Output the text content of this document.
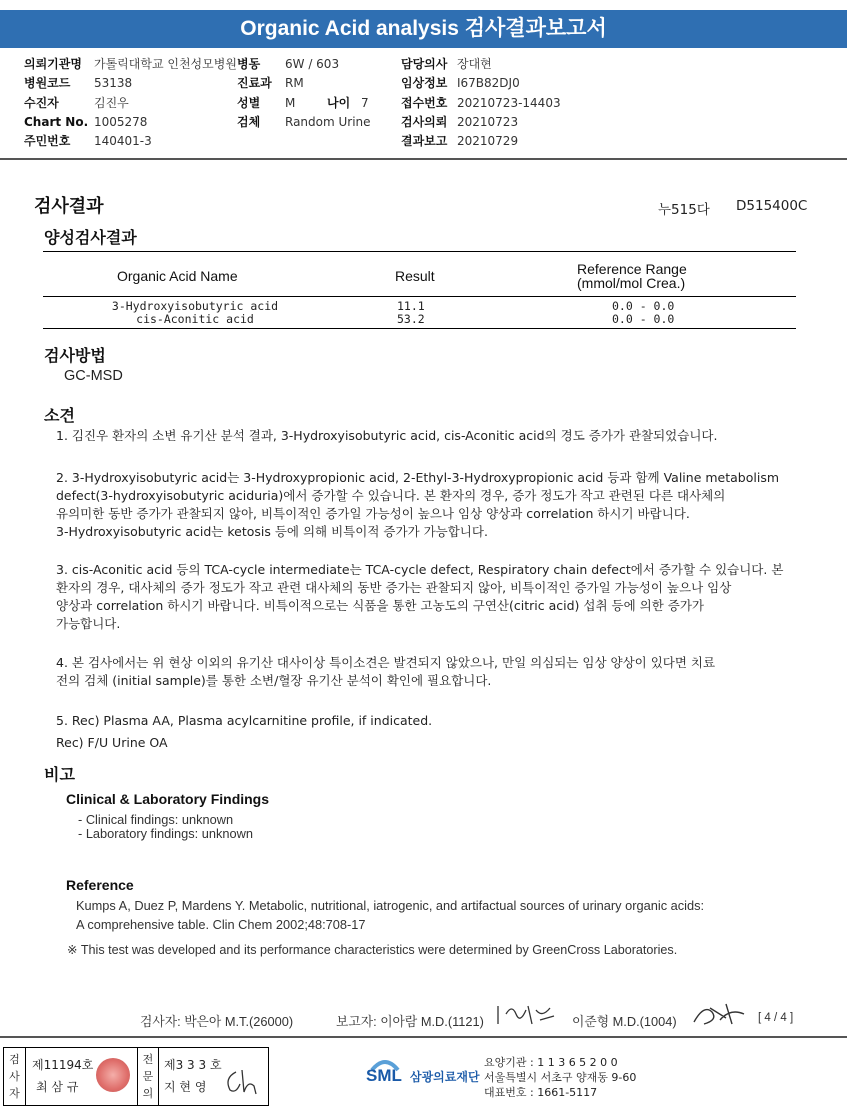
Organic Acid analysis 검사결과보고서
의뢰기관명	가톨릭대학교 인천성모병원
병원코드	53138
수진자	김진우
Chart No. 1005278
주민번호	140401-3
병동	6W / 603
진료과	RM
성별	M	나이 7
검체	Random Urine
담당의사 장대현
임상정보 I67B82DJ0
접수번호 20210723-14403
검사의뢰 20210723
결과보고 20210729
검사결과	누515다 D515400C
양성검사결과
Organic Acid Name	Result	Reference Range
(mmol/mol Crea.)
3-Hydroxyisobutyric acid	11.1	0.0 - 0.0
cis-Aconitic acid	53.2	0.0 - 0.0
검사방법
GC-MSD
소견
1. 김진우 환자의 소변 유기산 분석 결과, 3-Hydroxyisobutyric acid, cis-Aconitic acid의 경도 증가가 관찰되었습니다.
2. 3-Hydroxyisobutyric acid는 3-Hydroxypropionic acid, 2-Ethyl-3-Hydroxypropionic acid 등과 함께 Valine metabolism
defect(3-hydroxyisobutyric aciduria)에서 증가할 수 있습니다. 본 환자의 경우, 증가 정도가 작고 관련된 다른 대사체의
유의미한 동반 증가가 관찰되지 않아, 비특이적인 증가일 가능성이 높으나 임상 양상과 correlation 하시기 바랍니다.
3-Hydroxyisobutyric acid는 ketosis 등에 의해 비특이적 증가가 가능합니다.
3. cis-Aconitic acid 등의 TCA-cycle intermediate는 TCA-cycle defect, Respiratory chain defect에서 증가할 수 있습니다. 본
환자의 경우, 대사체의 증가 정도가 작고 관련 대사체의 동반 증가는 관찰되지 않아, 비특이적인 증가일 가능성이 높으나 임상
양상과 correlation 하시기 바랍니다. 비특이적으로는 식품을 통한 고농도의 구연산(citric acid) 섭취 등에 의한 증가가
가능합니다.
4. 본 검사에서는 위 현상 이외의 유기산 대사이상 특이소견은 발견되지 않았으나, 만일 의심되는 임상 양상이 있다면 치료
전의 검체 (initial sample)를 통한 소변/혈장 유기산 분석이 확인에 필요합니다.
5. Rec) Plasma AA, Plasma acylcarnitine profile, if indicated.
Rec) F/U Urine OA
비고
Clinical & Laboratory Findings
- Clinical findings: unknown
- Laboratory findings: unknown
Reference
Kumps A, Duez P, Mardens Y. Metabolic, nutritional, iatrogenic, and artifactual sources of urinary organic acids:
A comprehensive table. Clin Chem 2002;48:708-17
※ This test was developed and its performance characteristics were determined by GreenCross Laboratories.
검사자: 박은아 M.T.(26000)	보고자: 이아람 M.D.(1121)	이준형 M.D.(1004)	[ 4 / 4 ]
검
사
자
제11194호
최 삼 규
전
문
의
제3 3 3 호
지 현 영
SML 삼광의료재단
요양기관 : 1 1 3 6 5 2 0 0
서울특별시 서초구 양재동 9-60
대표번호 : 1661-5117
